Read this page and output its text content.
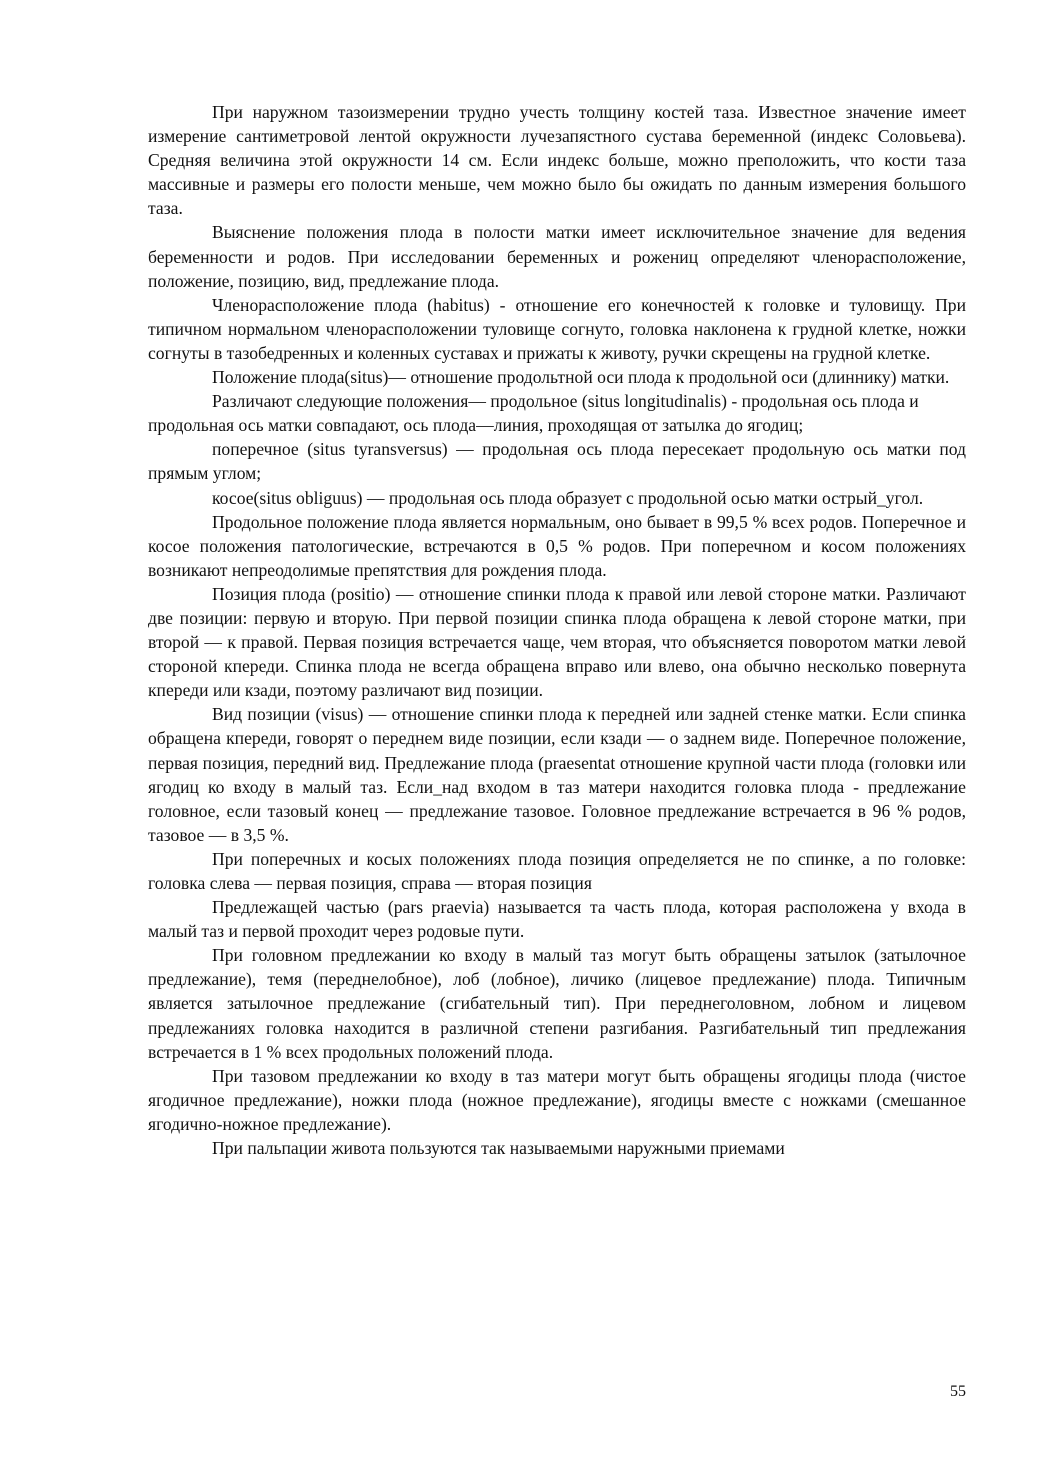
При наружном тазоизмерении трудно учесть толщину костей таза. Известное значение имеет измерение сантиметровой лентой окружности лучезапястного сустава беременной (индекс Соловьева). Средняя величина этой окружности 14 см. Если индекс больше, можно преположить, что кости таза массивные и размеры его полости меньше, чем можно было бы ожидать по данным измерения большого таза.

Выяснение положения плода в полости матки имеет исключительное значение для ведения беременности и родов. При исследовании беременных и рожениц определяют членорасположение, положение, позицию, вид, предлежание плода.

Членорасположение плода (habitus) - отношение его конечностей к головке и туловищу. При типичном нормальном членорасположении туловище согнуто, головка наклонена к грудной клетке, ножки согнуты в тазобедренных и коленных суставах и прижаты к животу, ручки скрещены на грудной клетке.

Положение плода(situs)— отношение продольтной оси плода к продольной оси (длиннику) матки.

Различают следующие положения— продольное (situs longitudinalis) - продольная ось плода и продольная ось матки совпадают, ось плода—линия, проходящая от затылка до ягодиц;

поперечное (situs tyransversus) — продольная ось плода пересекает продольную ось матки под прямым углом;

косое(situs obliguus) — продольная ось плода образует с продольной осью матки острый_угол.

Продольное положение плода является нормальным, оно бывает в 99,5 % всех родов. Поперечное и косое положения патологические, встречаются в 0,5 % родов. При поперечном и косом положениях возникают непреодолимые препятствия для рождения плода.

Позиция плода (positio) — отношение спинки плода к правой или левой стороне матки. Различают две позиции: первую и вторую. При первой позиции спинка плода обращена к левой стороне матки, при второй — к правой. Первая позиция встречается чаще, чем вторая, что объясняется поворотом матки левой стороной кпереди. Спинка плода не всегда обращена вправо или влево, она обычно несколько повернута кпереди или кзади, поэтому различают вид позиции.

Вид позиции (visus) — отношение спинки плода к передней или задней стенке матки. Если спинка обращена кпереди, говорят о переднем виде позиции, если кзади — о заднем виде. Поперечное положение, первая позиция, передний вид. Предлежание плода (praesentat отношение крупной части плода (головки или ягодиц ко входу в малый таз. Если_над входом в таз матери находится головка плода - предлежание головное, если тазовый конец — предлежание тазовое. Головное предлежание встречается в 96 % родов, тазовое — в 3,5 %.

При поперечных и косых положениях плода позиция определяется не по спинке, а по головке: головка слева — первая позиция, справа — вторая позиция

Предлежащей частью (pars praevia) называется та часть плода, которая расположена у входа в малый таз и первой проходит через родовые пути.

При головном предлежании ко входу в малый таз могут быть обращены затылок (затылочное предлежание), темя (переднелобное), лоб (лобное), личико (лицевое предлежание) плода. Типичным является затылочное предлежание (сгибательный тип). При переднеголовном, лобном и лицевом предлежаниях головка находится в различной степени разгибания. Разгибательный тип предлежания встречается в 1 % всех продольных положений плода.

При тазовом предлежании ко входу в таз матери могут быть обращены ягодицы плода (чистое ягодичное предлежание), ножки плода (ножное предлежание), ягодицы вместе с ножками (смешанное ягодично-ножное предлежание).

При пальпации живота пользуются так называемыми наружными приемами

55
